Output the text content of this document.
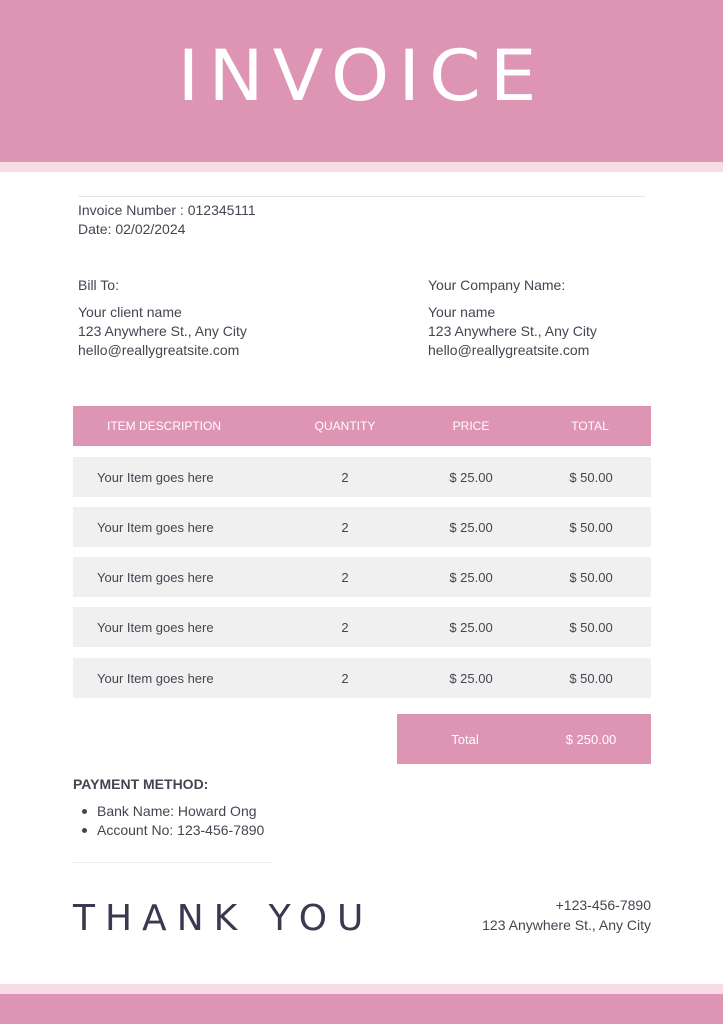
INVOICE
Invoice Number : 012345111
Date: 02/02/2024
Bill To:
Your client name
123 Anywhere St., Any City
hello@reallygreatsite.com
Your Company Name:
Your name
123 Anywhere St., Any City
hello@reallygreatsite.com
ITEM DESCRIPTION	QUANTITY	PRICE	TOTAL
Your Item goes here	2	$ 25.00	$ 50.00
Your Item goes here	2	$ 25.00	$ 50.00
Your Item goes here	2	$ 25.00	$ 50.00
Your Item goes here	2	$ 25.00	$ 50.00
Your Item goes here	2	$ 25.00	$ 50.00
Total	$ 250.00
PAYMENT METHOD:
Bank Name: Howard Ong
Account No: 123-456-7890
THANK YOU	+123-456-7890
123 Anywhere St., Any City
